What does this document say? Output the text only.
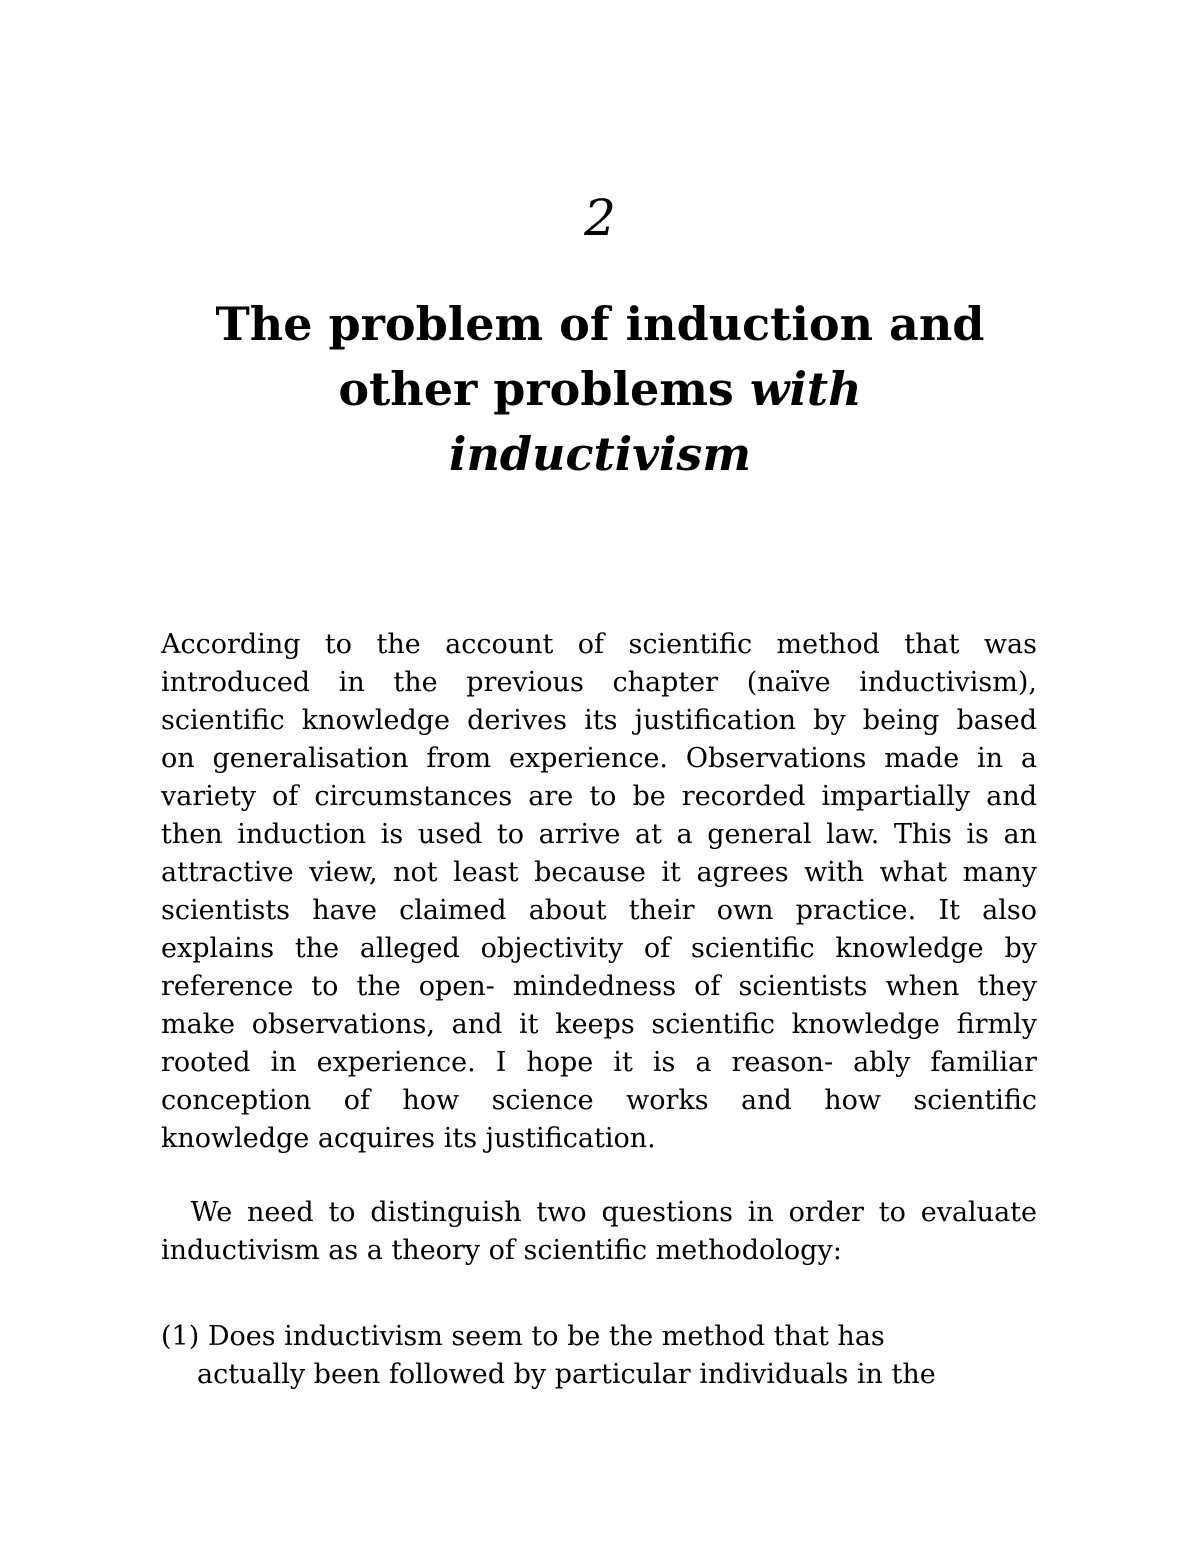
2
The problem of induction and
other problems with
inductivism
According to the account of scientific method that was
introduced in the previous chapter (naïve inductivism),
scientific knowledge derives its justification by being based
on generalisation from experience. Observations made in a
variety of circumstances are to be recorded impartially and
then induction is used to arrive at a general law. This is an
attractive view, not least because it agrees with what many
scientists have claimed about their own practice. It also
explains the alleged objectivity of scientific knowledge by
reference to the open- mindedness of scientists when they
make observations, and it keeps scientific knowledge firmly
rooted in experience. I hope it is a reason- ably familiar
conception of how science works and how scientific
knowledge acquires its justification.
We need to distinguish two questions in order to evaluate
inductivism as a theory of scientific methodology:
(1) Does inductivism seem to be the method that has
actually been followed by particular individuals in the
